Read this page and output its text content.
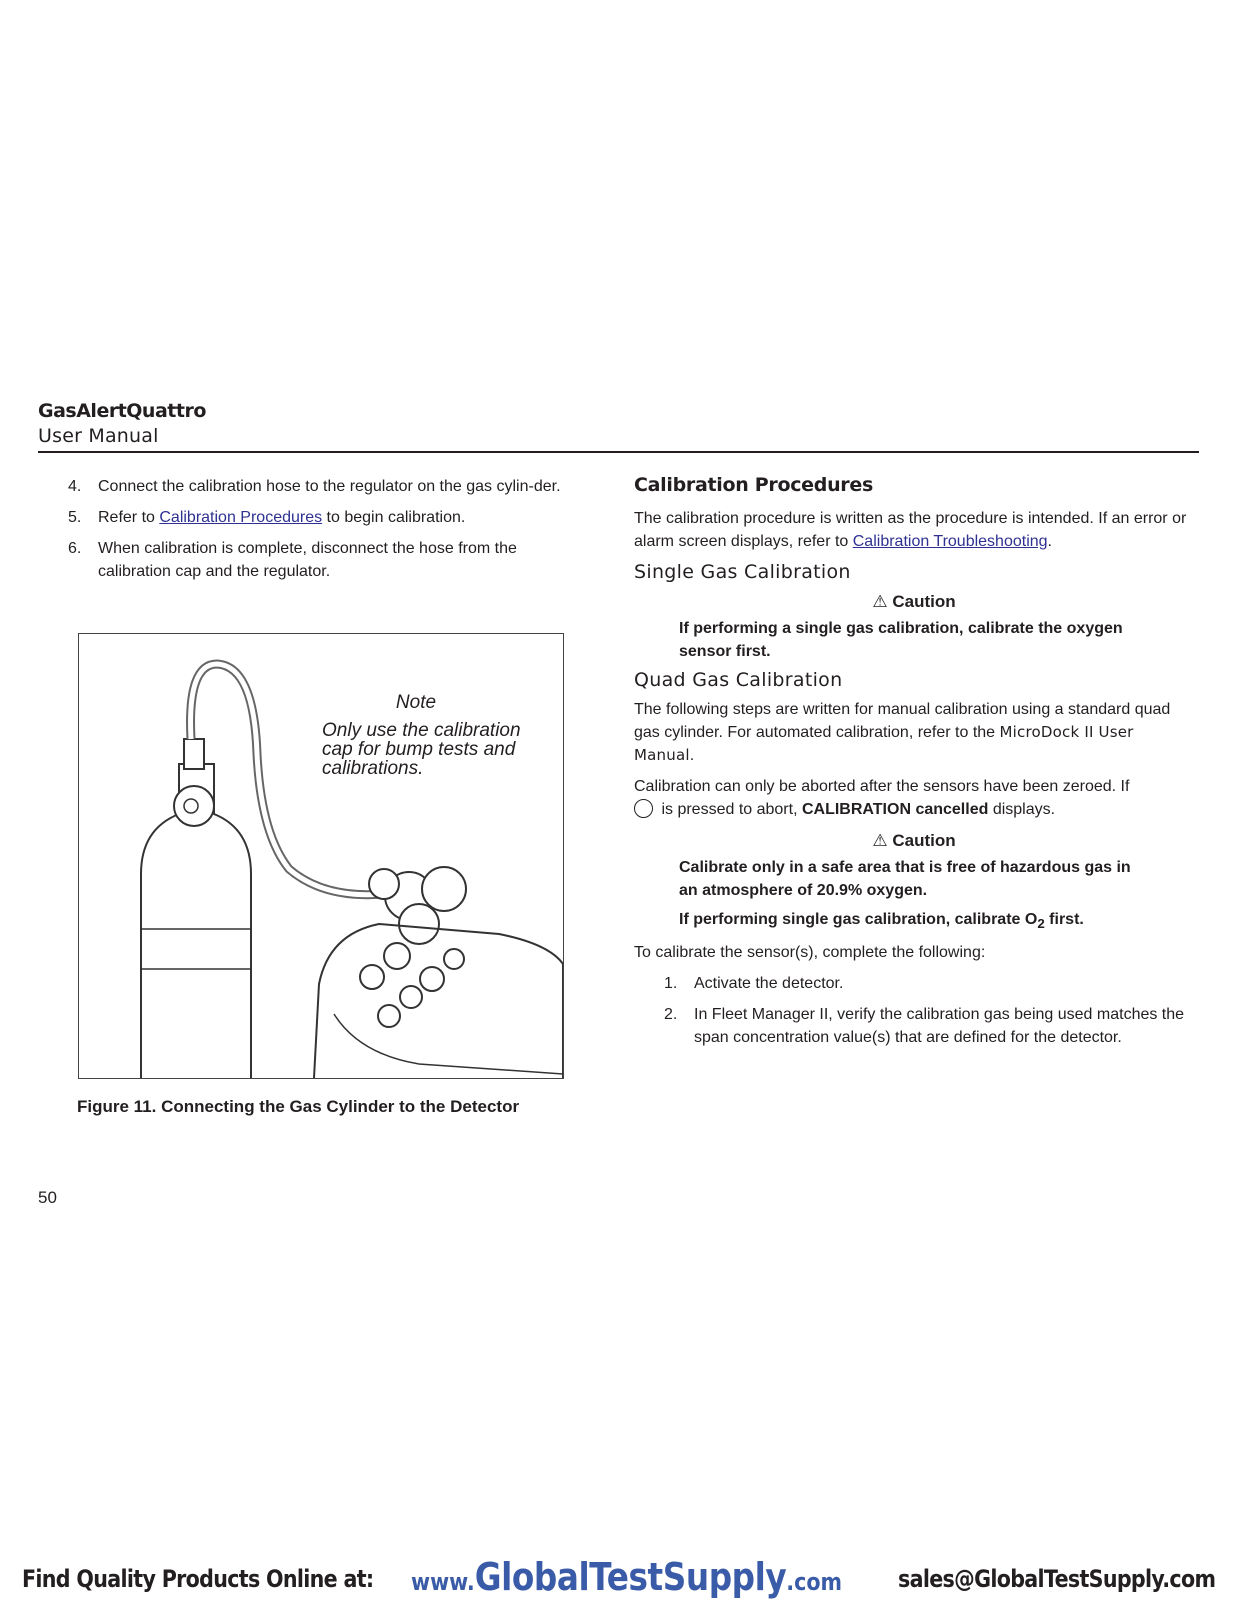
GasAlertQuattro
User Manual
4. Connect the calibration hose to the regulator on the gas cylin-der.
5. Refer to Calibration Procedures to begin calibration.
6. When calibration is complete, disconnect the hose from the calibration cap and the regulator.
Note
Only use the calibration
cap for bump tests and
calibrations.
Figure 11. Connecting the Gas Cylinder to the Detector
Calibration Procedures
The calibration procedure is written as the procedure is intended. If an error or alarm screen displays, refer to Calibration Troubleshooting.
Single Gas Calibration
⚠ Caution
If performing a single gas calibration, calibrate the oxygen sensor first.
Quad Gas Calibration
The following steps are written for manual calibration using a standard quad gas cylinder. For automated calibration, refer to the MicroDock II User Manual.
Calibration can only be aborted after the sensors have been zeroed. If
is pressed to abort, CALIBRATION cancelled displays.
⚠ Caution
Calibrate only in a safe area that is free of hazardous gas in an atmosphere of 20.9% oxygen.
If performing single gas calibration, calibrate $O_2$ first.
To calibrate the sensor(s), complete the following:
1. Activate the detector.
2. In Fleet Manager II, verify the calibration gas being used matches the span concentration value(s) that are defined for the detector.
50
Find Quality Products Online at: www.GlobalTestSupply.com sales@GlobalTestSupply.com
